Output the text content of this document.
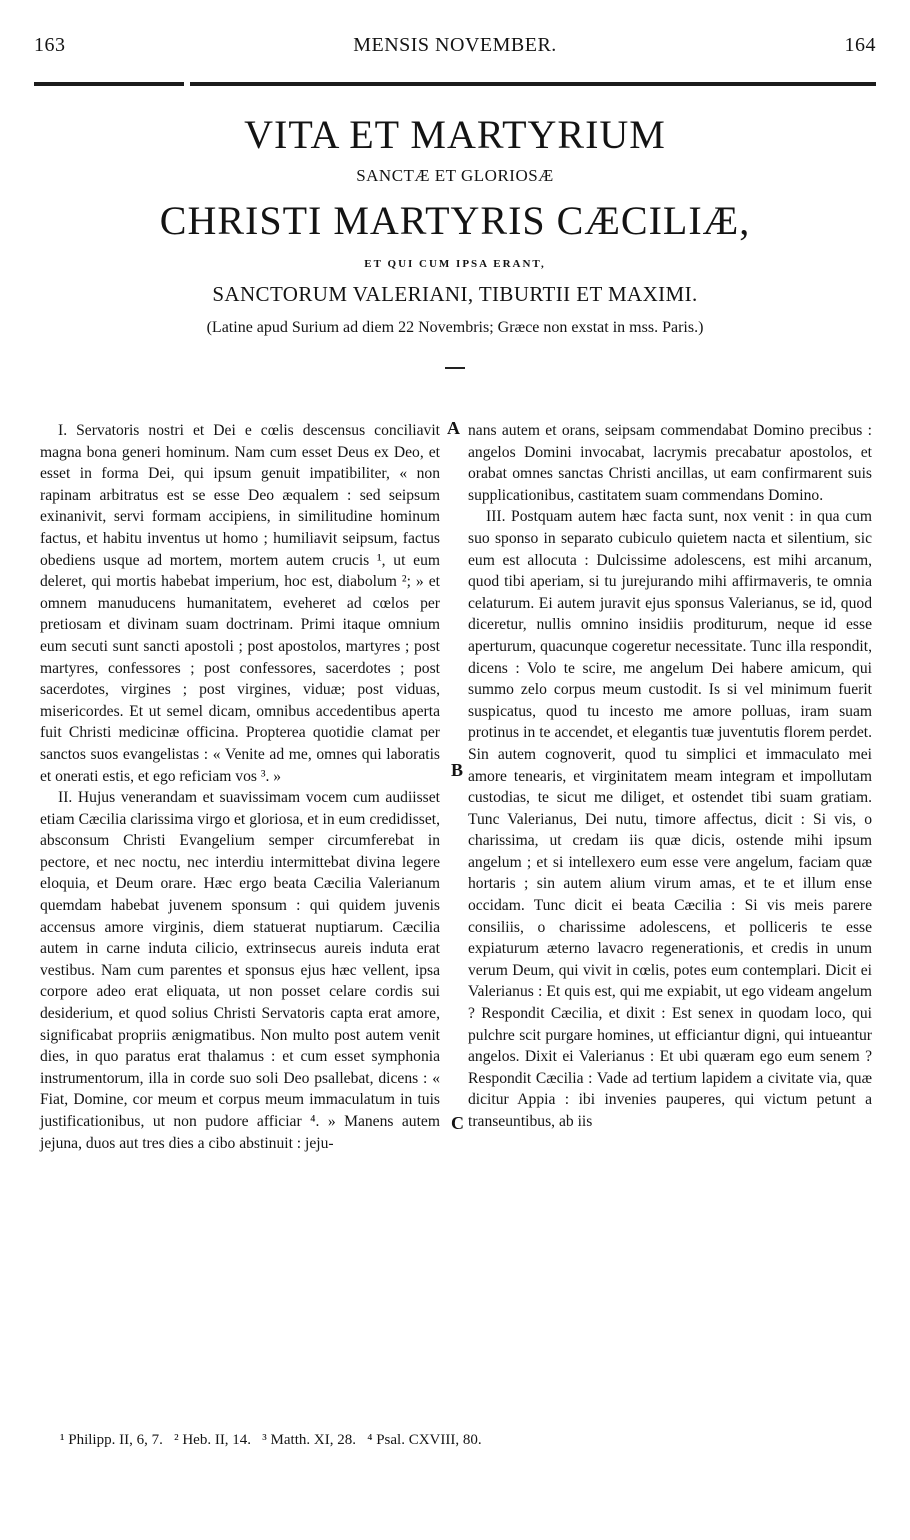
163	MENSIS NOVEMBER.	164
VITA ET MARTYRIUM
SANCTÆ ET GLORIOSÆ
CHRISTI MARTYRIS CÆCILIÆ,
ET QUI CUM IPSA ERANT,
SANCTORUM VALERIANI, TIBURTII ET MAXIMI.
(Latine apud Surium ad diem 22 Novembris; Græce non exstat in mss. Paris.)

I. Servatoris nostri et Dei e cœlis descensus conciliavit magna bona generi hominum. Nam cum esset Deus ex Deo, et esset in forma Dei, qui ipsum genuit impatibiliter, « non rapinam arbitratus est se esse Deo æqualem : sed seipsum exinanivit, servi formam accipiens, in similitudine hominum factus, et habitu inventus ut homo ; humiliavit seipsum, factus obediens usque ad mortem, mortem autem crucis ¹, ut eum deleret, qui mortis habebat imperium, hoc est, diabolum ²; » et omnem manuducens humanitatem, eveheret ad cœlos per pretiosam et divinam suam doctrinam. Primi itaque omnium eum secuti sunt sancti apostoli ; post apostolos, martyres ; post martyres, confessores ; post confessores, sacerdotes ; post sacerdotes, virgines ; post virgines, viduæ; post viduas, misericordes. Et ut semel dicam, omnibus accedentibus aperta fuit Christi medicinæ officina. Propterea quotidie clamat per sanctos suos evangelistas : « Venite ad me, omnes qui laboratis et onerati estis, et ego reficiam vos ³. »

II. Hujus venerandam et suavissimam vocem cum audiisset etiam Cæcilia clarissima virgo et gloriosa, et in eum credidisset, absconsum Christi Evangelium semper circumferebat in pectore, et nec noctu, nec interdiu intermittebat divina legere eloquia, et Deum orare. Hæc ergo beata Cæcilia Valerianum quemdam habebat juvenem sponsum : qui quidem juvenis accensus amore virginis, diem statuerat nuptiarum. Cæcilia autem in carne induta cilicio, extrinsecus aureis induta erat vestibus. Nam cum parentes et sponsus ejus hæc vellent, ipsa corpore adeo erat eliquata, ut non posset celare cordis sui desiderium, et quod solius Christi Servatoris capta erat amore, significabat propriis ænigmatibus. Non multo post autem venit dies, in quo paratus erat thalamus : et cum esset symphonia instrumentorum, illa in corde suo soli Deo psallebat, dicens : « Fiat, Domine, cor meum et corpus meum immaculatum in tuis justificationibus, ut non pudore afficiar ⁴. » Manens autem jejuna, duos aut tres dies a cibo abstinuit : jeju-

nans autem et orans, seipsam commendabat Domino precibus : angelos Domini invocabat, lacrymis precabatur apostolos, et orabat omnes sanctas Christi ancillas, ut eam confirmarent suis supplicationibus, castitatem suam commendans Domino.

III. Postquam autem hæc facta sunt, nox venit : in qua cum suo sponso in separato cubiculo quietem nacta et silentium, sic eum est allocuta : Dulcissime adolescens, est mihi arcanum, quod tibi aperiam, si tu jurejurando mihi affirmaveris, te omnia celaturum. Ei autem juravit ejus sponsus Valerianus, se id, quod diceretur, nullis omnino insidiis proditurum, neque id esse aperturum, quacunque cogeretur necessitate. Tunc illa respondit, dicens : Volo te scire, me angelum Dei habere amicum, qui summo zelo corpus meum custodit. Is si vel minimum fuerit suspicatus, quod tu incesto me amore polluas, iram suam protinus in te accendet, et elegantis tuæ juventutis florem perdet. Sin autem cognoverit, quod tu simplici et immaculato mei amore tenearis, et virginitatem meam integram et impollutam custodias, te sicut me diliget, et ostendet tibi suam gratiam. Tunc Valerianus, Dei nutu, timore affectus, dicit : Si vis, o charissima, ut credam iis quæ dicis, ostende mihi ipsum angelum ; et si intellexero eum esse vere angelum, faciam quæ hortaris ; sin autem alium virum amas, et te et illum ense occidam. Tunc dicit ei beata Cæcilia : Si vis meis parere consiliis, o charissime adolescens, et polliceris te esse expiaturum æterno lavacro regenerationis, et credis in unum verum Deum, qui vivit in cœlis, potes eum contemplari. Dicit ei Valerianus : Et quis est, qui me expiabit, ut ego videam angelum ? Respondit Cæcilia, et dixit : Est senex in quodam loco, qui pulchre scit purgare homines, ut efficiantur digni, qui intueantur angelos. Dixit ei Valerianus : Et ubi quæram ego eum senem ? Respondit Cæcilia : Vade ad tertium lapidem a civitate via, quæ dicitur Appia : ibi invenies pauperes, qui victum petunt a transeuntibus, ab iis

A
B
C
¹ Philipp. II, 6, 7.   ² Heb. II, 14.   ³ Matth. XI, 28.   ⁴ Psal. CXVIII, 80.
